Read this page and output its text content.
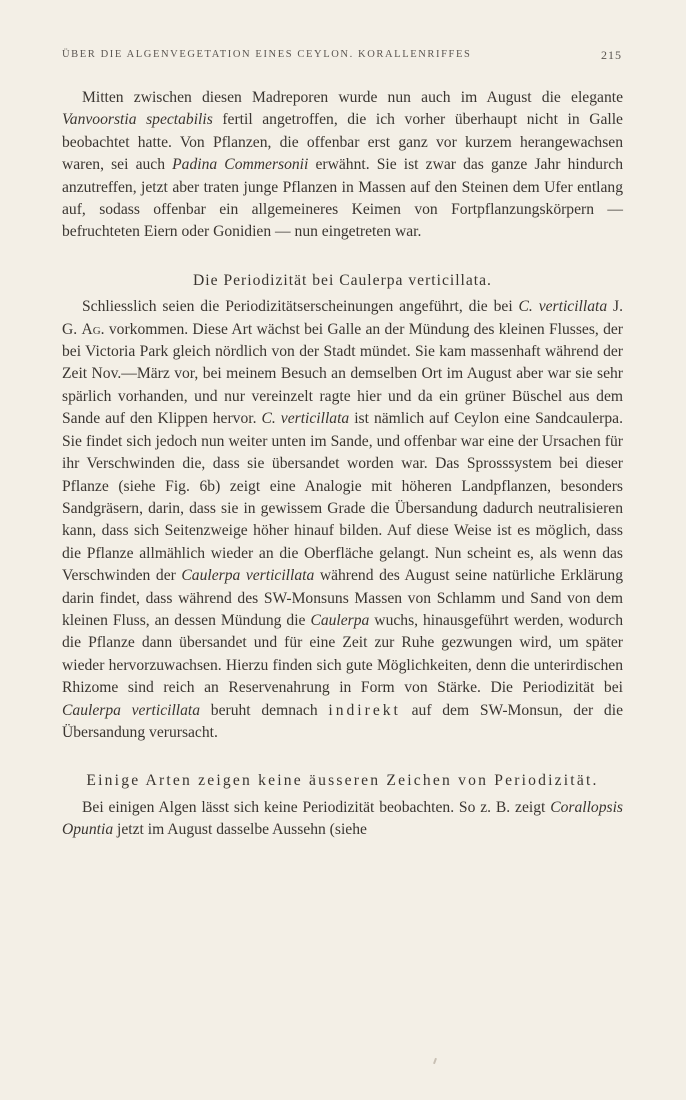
ÜBER DIE ALGENVEGETATION EINES CEYLON. KORALLENRIFFES	215

Mitten zwischen diesen Madreporen wurde nun auch im August die elegante Vanvoorstia spectabilis fertil angetroffen, die ich vorher überhaupt nicht in Galle beobachtet hatte. Von Pflanzen, die offenbar erst ganz vor kurzem herangewachsen waren, sei auch Padina Commersonii erwähnt. Sie ist zwar das ganze Jahr hindurch anzutreffen, jetzt aber traten junge Pflanzen in Massen auf den Steinen dem Ufer entlang auf, sodass offenbar ein allgemeineres Keimen von Fortpflanzungskörpern — befruchteten Eiern oder Gonidien — nun eingetreten war.

Die Periodizität bei Caulerpa verticillata.

Schliesslich seien die Periodizitätserscheinungen angeführt, die bei C. verticillata J. G. Ag. vorkommen. Diese Art wächst bei Galle an der Mündung des kleinen Flusses, der bei Victoria Park gleich nördlich von der Stadt mündet. Sie kam massenhaft während der Zeit Nov.—März vor, bei meinem Besuch an demselben Ort im August aber war sie sehr spärlich vorhanden, und nur vereinzelt ragte hier und da ein grüner Büschel aus dem Sande auf den Klippen hervor. C. verticillata ist nämlich auf Ceylon eine Sandcaulerpa. Sie findet sich jedoch nun weiter unten im Sande, und offenbar war eine der Ursachen für ihr Verschwinden die, dass sie übersandet worden war. Das Sprosssystem bei dieser Pflanze (siehe Fig. 6b) zeigt eine Analogie mit höheren Landpflanzen, besonders Sandgräsern, darin, dass sie in gewissem Grade die Übersandung dadurch neutralisieren kann, dass sich Seitenzweige höher hinauf bilden. Auf diese Weise ist es möglich, dass die Pflanze allmählich wieder an die Oberfläche gelangt. Nun scheint es, als wenn das Verschwinden der Caulerpa verticillata während des August seine natürliche Erklärung darin findet, dass während des SW-Monsuns Massen von Schlamm und Sand von dem kleinen Fluss, an dessen Mündung die Caulerpa wuchs, hinausgeführt werden, wodurch die Pflanze dann übersandet und für eine Zeit zur Ruhe gezwungen wird, um später wieder hervorzuwachsen. Hierzu finden sich gute Möglichkeiten, denn die unterirdischen Rhizome sind reich an Reservenahrung in Form von Stärke. Die Periodizität bei Caulerpa verticillata beruht demnach indirekt auf dem SW-Monsun, der die Übersandung verursacht.

Einige Arten zeigen keine äusseren Zeichen von Periodizität.

Bei einigen Algen lässt sich keine Periodizität beobachten. So z. B. zeigt Corallopsis Opuntia jetzt im August dasselbe Aussehn (siehe
